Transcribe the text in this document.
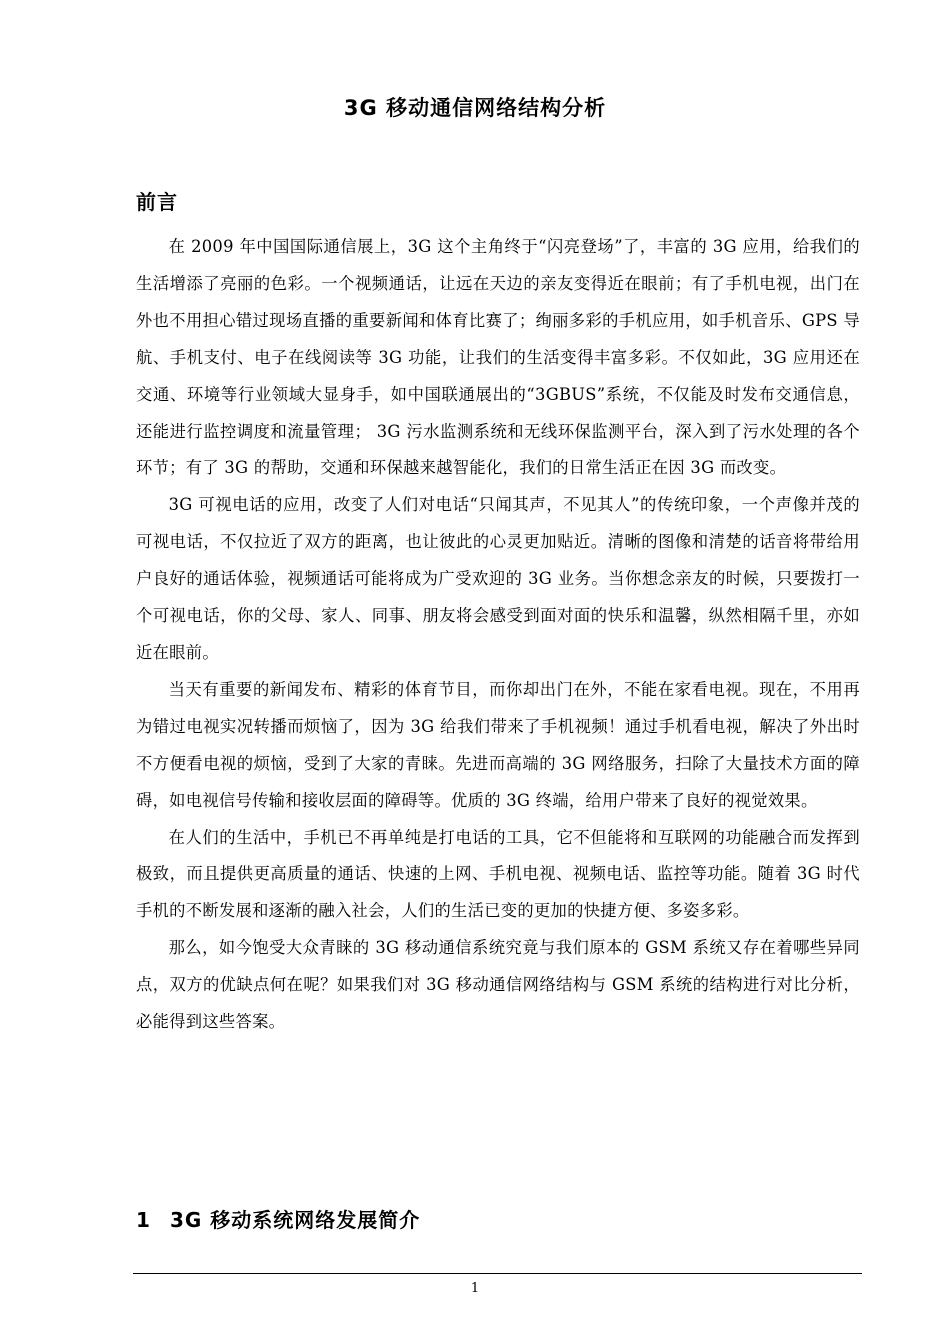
3G 移动通信网络结构分析
前言

在 2009 年中国国际通信展上，3G 这个主角终于“闪亮登场”了，丰富的 3G 应用，给我们的生活增添了亮丽的色彩。一个视频通话，让远在天边的亲友变得近在眼前；有了手机电视，出门在外也不用担心错过现场直播的重要新闻和体育比赛了；绚丽多彩的手机应用，如手机音乐、GPS 导航、手机支付、电子在线阅读等 3G 功能，让我们的生活变得丰富多彩。不仅如此，3G 应用还在交通、环境等行业领域大显身手，如中国联通展出的“3GBUS”系统，不仅能及时发布交通信息，还能进行监控调度和流量管理； 3G 污水监测系统和无线环保监测平台，深入到了污水处理的各个环节；有了 3G 的帮助，交通和环保越来越智能化，我们的日常生活正在因 3G 而改变。

3G 可视电话的应用，改变了人们对电话“只闻其声，不见其人”的传统印象，一个声像并茂的可视电话，不仅拉近了双方的距离，也让彼此的心灵更加贴近。清晰的图像和清楚的话音将带给用户良好的通话体验，视频通话可能将成为广受欢迎的 3G 业务。当你想念亲友的时候，只要拨打一个可视电话，你的父母、家人、同事、朋友将会感受到面对面的快乐和温馨，纵然相隔千里，亦如近在眼前。

当天有重要的新闻发布、精彩的体育节目，而你却出门在外，不能在家看电视。现在，不用再为错过电视实况转播而烦恼了，因为 3G 给我们带来了手机视频！通过手机看电视，解决了外出时不方便看电视的烦恼，受到了大家的青睐。先进而高端的 3G 网络服务，扫除了大量技术方面的障碍，如电视信号传输和接收层面的障碍等。优质的 3G 终端，给用户带来了良好的视觉效果。

在人们的生活中，手机已不再单纯是打电话的工具，它不但能将和互联网的功能融合而发挥到极致，而且提供更高质量的通话、快速的上网、手机电视、视频电话、监控等功能。随着 3G 时代手机的不断发展和逐渐的融入社会，人们的生活已变的更加的快捷方便、多姿多彩。

那么，如今饱受大众青睐的 3G 移动通信系统究竟与我们原本的 GSM 系统又存在着哪些异同点，双方的优缺点何在呢？如果我们对 3G 移动通信网络结构与 GSM 系统的结构进行对比分析，必能得到这些答案。

1 3G 移动系统网络发展简介
1
